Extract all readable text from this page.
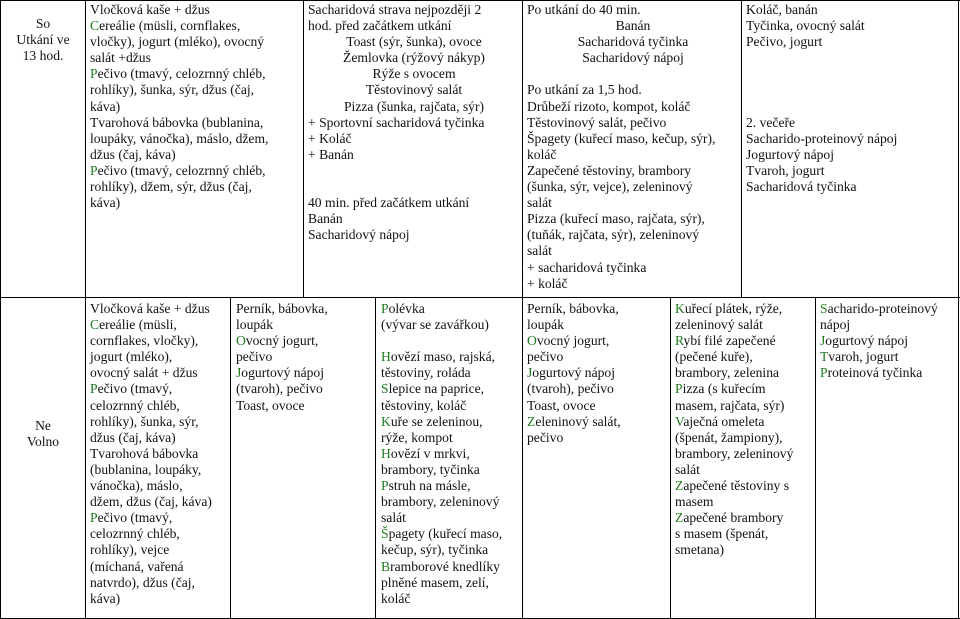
So
Utkání ve
13 hod.
Ne
Volno
Vločková kaše + džus
Cereálie (müsli, cornflakes,
vločky), jogurt (mléko), ovocný
salát +džus
Pečivo (tmavý, celozrnný chléb,
rohlíky), šunka, sýr, džus (čaj,
káva)
Tvarohová bábovka (bublanina,
loupáky, vánočka), máslo, džem,
džus (čaj, káva)
Pečivo (tmavý, celozrnný chléb,
rohlíky), džem, sýr, džus (čaj,
káva)
Sacharidová strava nejpozději 2
hod. před začátkem utkání
Toast (sýr, šunka), ovoce
Žemlovka (rýžový nákyp)
Rýže s ovocem
Těstovinový salát
Pizza (šunka, rajčata, sýr)
+ Sportovní sacharidová tyčinka
+ Koláč
+ Banán
40 min. před začátkem utkání
Banán
Sacharidový nápoj
Po utkání do 40 min.
Banán
Sacharidová tyčinka
Sacharidový nápoj
Po utkání za 1,5 hod.
Drůbeží rizoto, kompot, koláč
Těstovinový salát, pečivo
Špagety (kuřecí maso, kečup, sýr),
koláč
Zapečené těstoviny, brambory
(šunka, sýr, vejce), zeleninový
salát
Pizza (kuřecí maso, rajčata, sýr),
(tuňák, rajčata, sýr), zeleninový
salát
+ sacharidová tyčinka
+ koláč
Koláč, banán
Tyčinka, ovocný salát
Pečivo, jogurt
2. večeře
Sacharido-proteinový nápoj
Jogurtový nápoj
Tvaroh, jogurt
Sacharidová tyčinka
Vločková kaše + džus
Cereálie (müsli,
cornflakes, vločky),
jogurt (mléko),
ovocný salát + džus
Pečivo (tmavý,
celozrnný chléb,
rohlíky), šunka, sýr,
džus (čaj, káva)
Tvarohová bábovka
(bublanina, loupáky,
vánočka), máslo,
džem, džus (čaj, káva)
Pečivo (tmavý,
celozrnný chléb,
rohlíky), vejce
(míchaná, vařená
natvrdo), džus (čaj,
káva)
Perník, bábovka,
loupák
Ovocný jogurt,
pečivo
Jogurtový nápoj
(tvaroh), pečivo
Toast, ovoce
Polévka
(vývar se zavářkou)
Hovězí maso, rajská,
těstoviny, roláda
Slepice na paprice,
těstoviny, koláč
Kuře se zeleninou,
rýže, kompot
Hovězí v mrkvi,
brambory, tyčinka
Pstruh na másle,
brambory, zeleninový
salát
Špagety (kuřecí maso,
kečup, sýr), tyčinka
Bramborové knedlíky
plněné masem, zelí,
koláč
Perník, bábovka,
loupák
Ovocný jogurt,
pečivo
Jogurtový nápoj
(tvaroh), pečivo
Toast, ovoce
Zeleninový salát,
pečivo
Kuřecí plátek, rýže,
zeleninový salát
Rybí filé zapečené
(pečené kuře),
brambory, zelenina
Pizza (s kuřecím
masem, rajčata, sýr)
Vaječná omeleta
(špenát, žampiony),
brambory, zeleninový
salát
Zapečené těstoviny s
masem
Zapečené brambory
s masem (špenát,
smetana)
Sacharido-proteinový
nápoj
Jogurtový nápoj
Tvaroh, jogurt
Proteinová tyčinka
